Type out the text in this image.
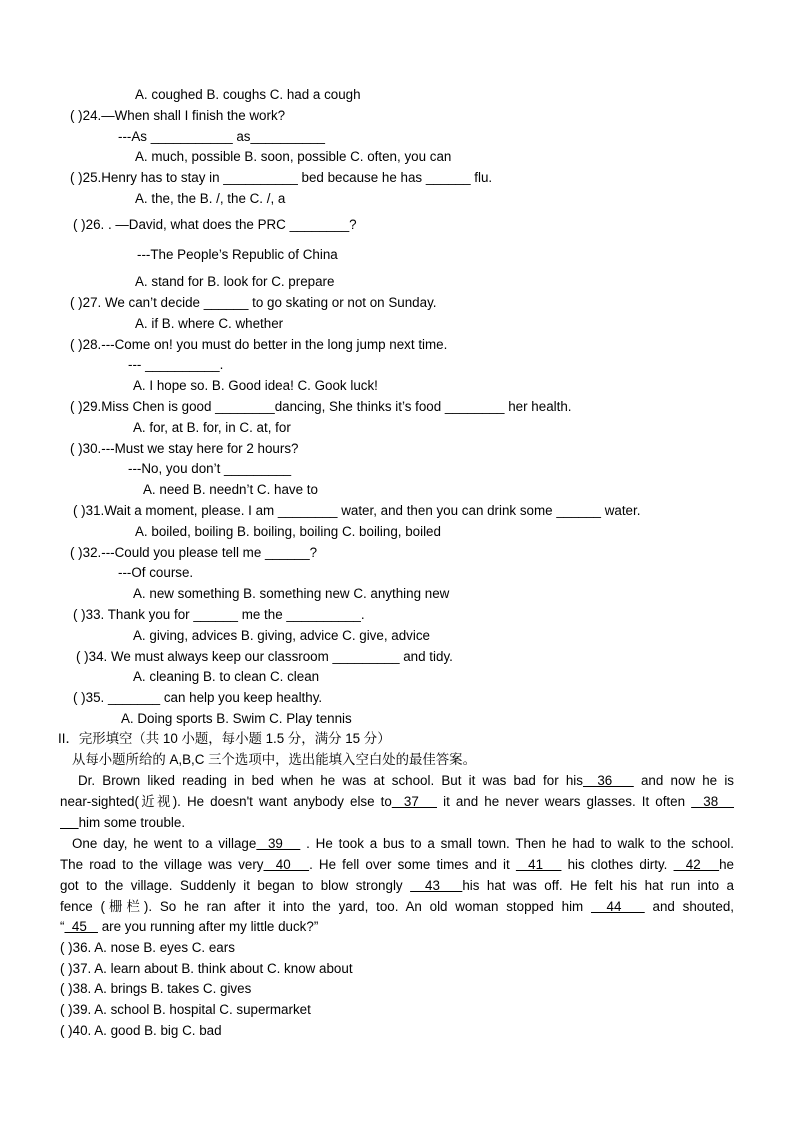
A. coughed B. coughs C. had a cough
( )24.—When shall I finish the work?
---As ___________ as__________
A. much, possible B. soon, possible C. often, you can
( )25.Henry has to stay in __________ bed because he has ______ flu.
A. the, the B. /, the C. /, a
( )26. . —David, what does the PRC ________?
---The People’s Republic of China
A. stand for B. look for C. prepare
( )27. We can’t decide ______ to go skating or not on Sunday.
A. if B. where C. whether
( )28.---Come on! you must do better in the long jump next time.
--- __________.
A. I hope so. B. Good idea! C. Gook luck!
( )29.Miss Chen is good ________dancing, She thinks it’s food ________ her health.
A. for, at B. for, in C. at, for
( )30.---Must we stay here for 2 hours?
---No, you don’t _________
A. need B. needn’t C. have to
( )31.Wait a moment, please. I am ________ water, and then you can drink some ______ water.
A. boiled, boiling B. boiling, boiling C. boiling, boiled
( )32.---Could you please tell me ______?
---Of course.
A. new something B. something new C. anything new
( )33. Thank you for ______ me the __________.
A. giving, advices B. giving, advice C. give, advice
( )34. We must always keep our classroom _________ and tidy.
A. cleaning B. to clean C. clean
( )35. _______ can help you keep healthy.
A. Doing sports B. Swim C. Play tennis
II．完形填空（共 10 小题，每小题 1.5 分，满分 15 分）
从每小题所给的 A,B,C 三个选项中，选出能填入空白处的最佳答案。
Dr. Brown liked reading in bed when he was at school. But it was bad for his  36    and now he is
near-sighted(近视). He doesn't want anybody else to  37    it and he never wears glasses. It often   38
him some trouble.
One day, he went to a village  39    . He took a bus to a small town. Then he had to walk to the school.
The road to the village was very  40   . He fell over some times and it   41    his clothes dirty.   42   he
got to the village. Suddenly it began to blow strongly   43   his hat was off. He felt his hat run into a
fence (栅栏). So he ran after it into the yard, too. An old woman stopped him   44    and shouted,
“  45    are you running after my little duck?”
( )36. A. nose B. eyes C. ears
( )37. A. learn about B. think about C. know about
( )38. A. brings B. takes C. gives
( )39. A. school B. hospital C. supermarket
( )40. A. good B. big C. bad
